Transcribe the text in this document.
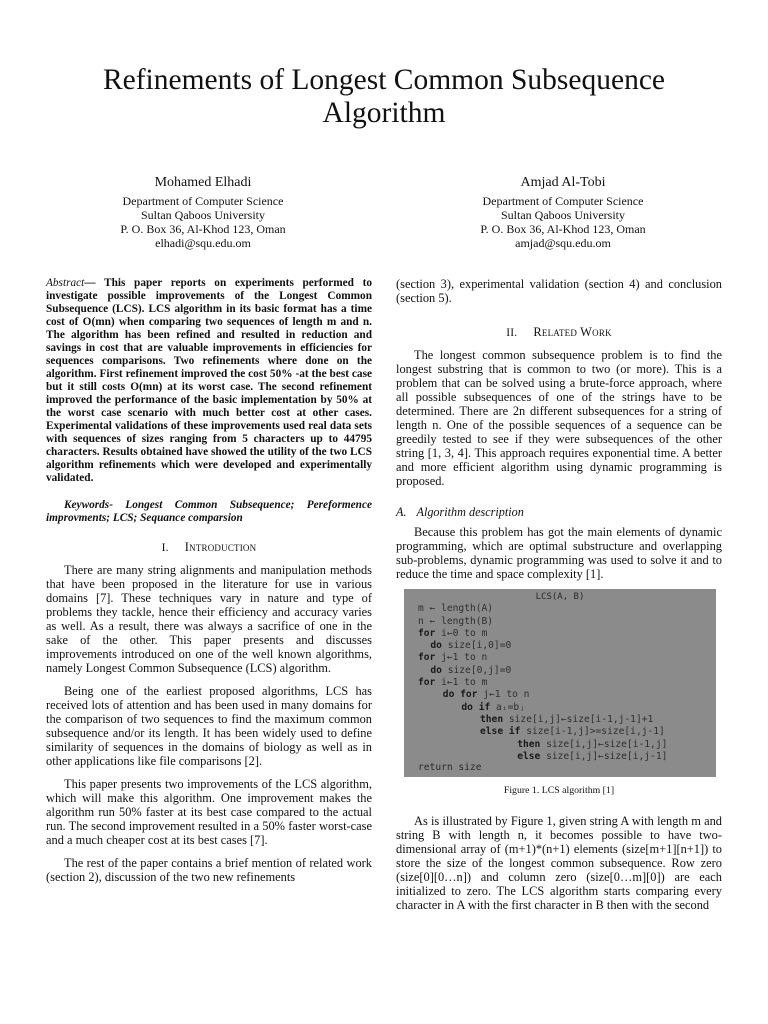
Refinements of Longest Common Subsequence Algorithm
Mohamed Elhadi
Department of Computer Science
Sultan Qaboos University
P. O. Box 36, Al-Khod 123, Oman
elhadi@squ.edu.om
Amjad Al-Tobi
Department of Computer Science
Sultan Qaboos University
P. O. Box 36, Al-Khod 123, Oman
amjad@squ.edu.om

Abstract— This paper reports on experiments performed to investigate possible improvements of the Longest Common Subsequence (LCS). LCS algorithm in its basic format has a time cost of O(mn) when comparing two sequences of length m and n. The algorithm has been refined and resulted in reduction and savings in cost that are valuable improvements in efficiencies for sequences comparisons. Two refinements where done on the algorithm. First refinement improved the cost 50% -at the best case but it still costs O(mn) at its worst case. The second refinement improved the performance of the basic implementation by 50% at the worst case scenario with much better cost at other cases. Experimental validations of these improvements used real data sets with sequences of sizes ranging from 5 characters up to 44795 characters. Results obtained have showed the utility of the two LCS algorithm refinements which were developed and experimentally validated.

Keywords- Longest Common Subsequence; Pereformence improvments; LCS; Sequance comparsion

I. Introduction

There are many string alignments and manipulation methods that have been proposed in the literature for use in various domains [7]. These techniques vary in nature and type of problems they tackle, hence their efficiency and accuracy varies as well. As a result, there was always a sacrifice of one in the sake of the other. This paper presents and discusses improvements introduced on one of the well known algorithms, namely Longest Common Subsequence (LCS) algorithm.

Being one of the earliest proposed algorithms, LCS has received lots of attention and has been used in many domains for the comparison of two sequences to find the maximum common subsequence and/or its length. It has been widely used to define similarity of sequences in the domains of biology as well as in other applications like file comparisons [2].

This paper presents two improvements of the LCS algorithm, which will make this algorithm. One improvement makes the algorithm run 50% faster at its best case compared to the actual run. The second improvement resulted in a 50% faster worst-case and a much cheaper cost at its best cases [7].

The rest of the paper contains a brief mention of related work (section 2), discussion of the two new refinements

(section 3), experimental validation (section 4) and conclusion (section 5).

II. Related Work

The longest common subsequence problem is to find the longest substring that is common to two (or more). This is a problem that can be solved using a brute-force approach, where all possible subsequences of one of the strings have to be determined. There are 2n different subsequences for a string of length n. One of the possible sequences of a sequence can be greedily tested to see if they were subsequences of the other string [1, 3, 4]. This approach requires exponential time. A better and more efficient algorithm using dynamic programming is proposed.

A. Algorithm description

Because this problem has got the main elements of dynamic programming, which are optimal substructure and overlapping sub-problems, dynamic programming was used to solve it and to reduce the time and space complexity [1].

LCS(A, B)
m ← length(A)
n ← length(B)
for i←0 to m
do size[i,0]=0
for j←1 to n
do size[0,j]=0
for i←1 to m
do for j←1 to n
do if aᵢ=bⱼ
then size[i,j]←size[i-1,j-1]+1
else if size[i-1,j]>=size[i,j-1]
then size[i,j]←size[i-1,j]
else size[i,j]←size[i,j-1]
return size
Figure 1. LCS algorithm [1]

As is illustrated by Figure 1, given string A with length m and string B with length n, it becomes possible to have two-dimensional array of (m+1)*(n+1) elements (size[m+1][n+1]) to store the size of the longest common subsequence. Row zero (size[0][0…n]) and column zero (size[0…m][0]) are each initialized to zero. The LCS algorithm starts comparing every character in A with the first character in B then with the second
